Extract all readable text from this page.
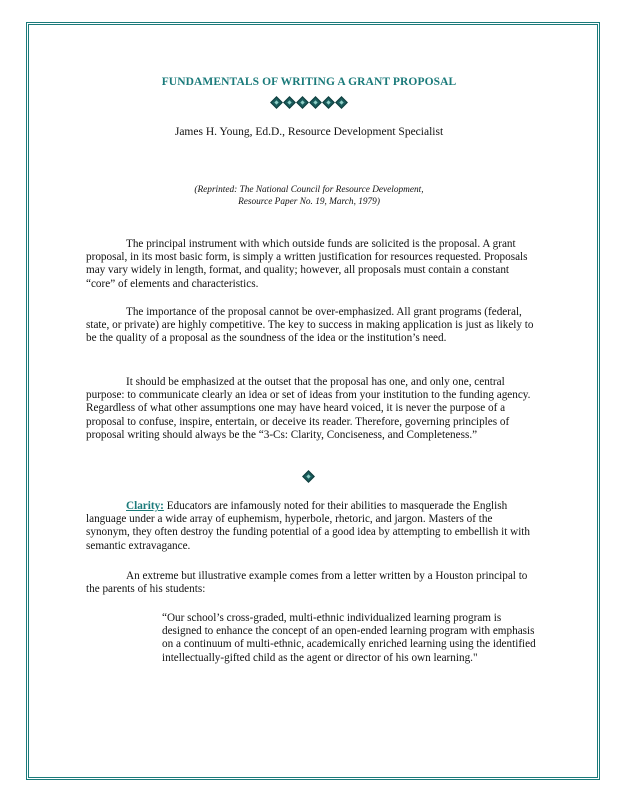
FUNDAMENTALS OF WRITING A GRANT PROPOSAL
James H. Young, Ed.D., Resource Development Specialist
(Reprinted: The National Council for Resource Development,
Resource Paper No. 19, March, 1979)

The principal instrument with which outside funds are solicited is the proposal. A grant proposal, in its most basic form, is simply a written justification for resources requested. Proposals may vary widely in length, format, and quality; however, all proposals must contain a constant “core” of elements and characteristics.

The importance of the proposal cannot be over-emphasized. All grant programs (federal, state, or private) are highly competitive. The key to success in making application is just as likely to be the quality of a proposal as the soundness of the idea or the institution’s need.

It should be emphasized at the outset that the proposal has one, and only one, central purpose: to communicate clearly an idea or set of ideas from your institution to the funding agency. Regardless of what other assumptions one may have heard voiced, it is never the purpose of a proposal to confuse, inspire, entertain, or deceive its reader. Therefore, governing principles of proposal writing should always be the “3-Cs: Clarity, Conciseness, and Completeness.”

Clarity: Educators are infamously noted for their abilities to masquerade the English language under a wide array of euphemism, hyperbole, rhetoric, and jargon. Masters of the synonym, they often destroy the funding potential of a good idea by attempting to embellish it with semantic extravagance.

An extreme but illustrative example comes from a letter written by a Houston principal to the parents of his students:

“Our school’s cross-graded, multi-ethnic individualized learning program is designed to enhance the concept of an open-ended learning program with emphasis on a continuum of multi-ethnic, academically enriched learning using the identified intellectually-gifted child as the agent or director of his own learning."
